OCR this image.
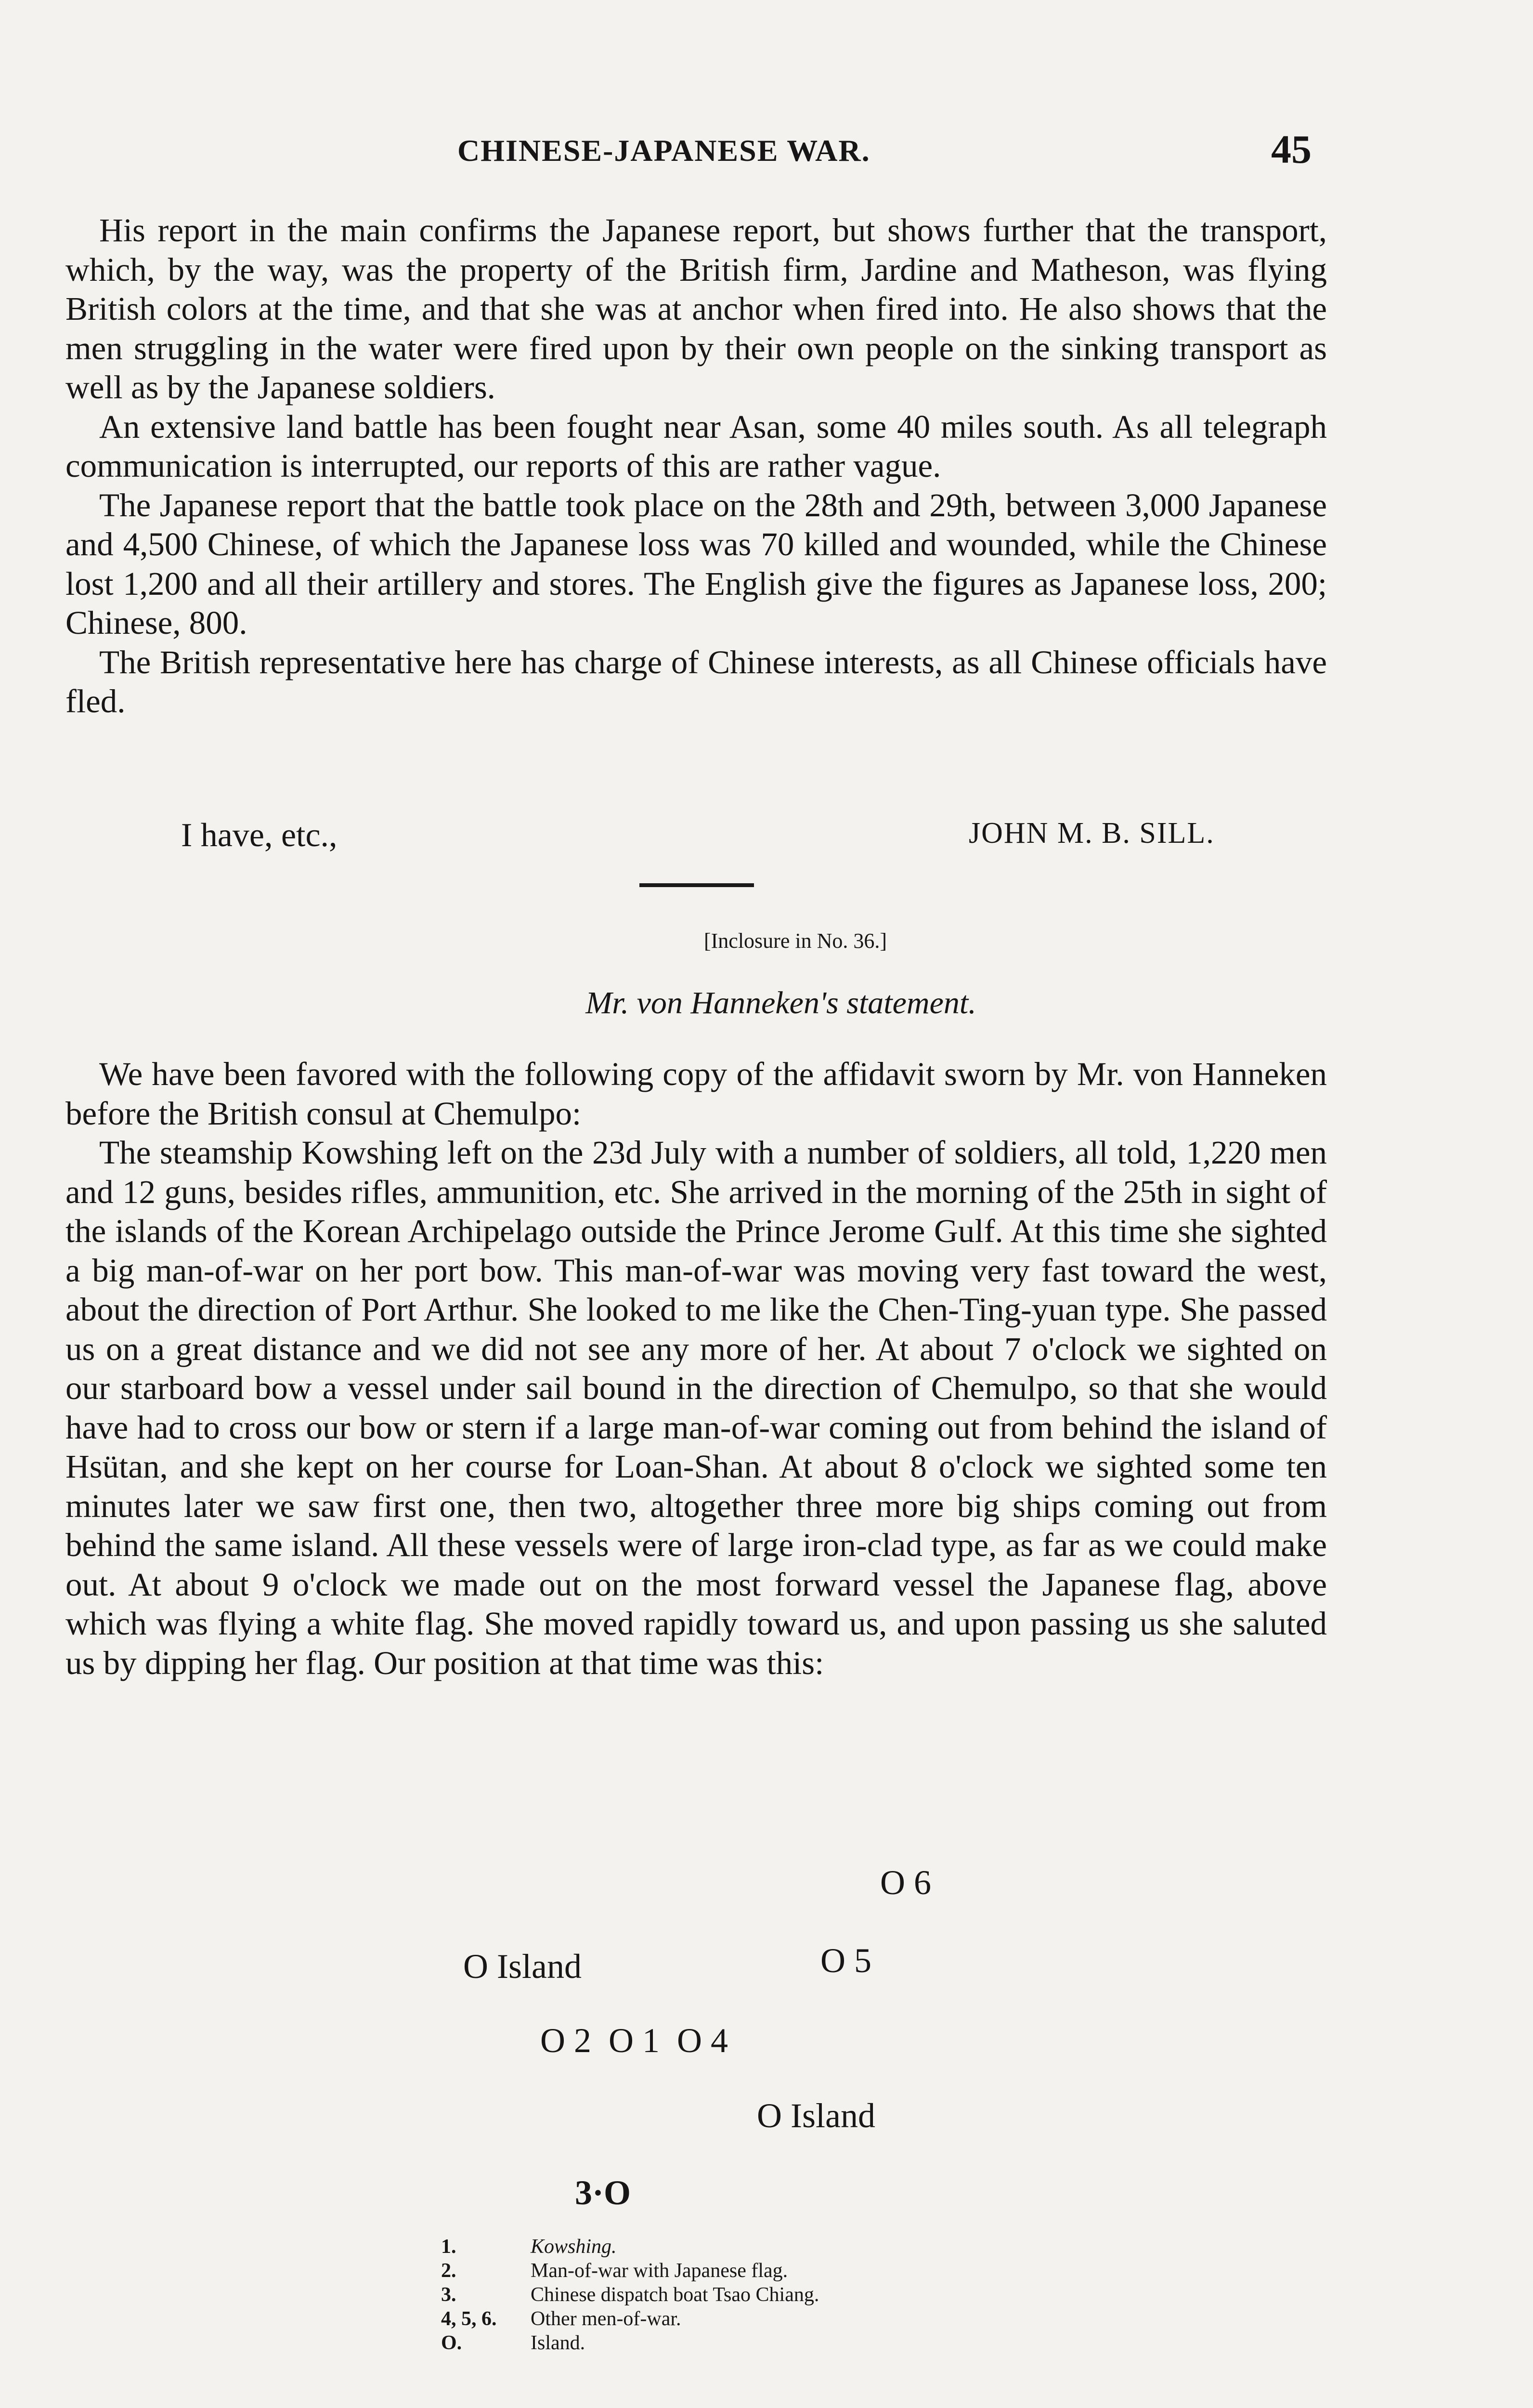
CHINESE-JAPANESE WAR.	45

His report in the main confirms the Japanese report, but shows further that the transport, which, by the way, was the property of the British firm, Jardine and Matheson, was flying British colors at the time, and that she was at anchor when fired into. He also shows that the men struggling in the water were fired upon by their own people on the sinking transport as well as by the Japanese soldiers.

An extensive land battle has been fought near Asan, some 40 miles south. As all telegraph communication is interrupted, our reports of this are rather vague.

The Japanese report that the battle took place on the 28th and 29th, between 3,000 Japanese and 4,500 Chinese, of which the Japanese loss was 70 killed and wounded, while the Chinese lost 1,200 and all their artillery and stores. The English give the figures as Japanese loss, 200; Chinese, 800.

The British representative here has charge of Chinese interests, as all Chinese officials have fled.

I have, etc.,	JOHN M. B. SILL.
[Inclosure in No. 36.]
Mr. von Hanneken's statement.

We have been favored with the following copy of the affidavit sworn by Mr. von Hanneken before the British consul at Chemulpo:

The steamship Kowshing left on the 23d July with a number of soldiers, all told, 1,220 men and 12 guns, besides rifles, ammunition, etc. She arrived in the morning of the 25th in sight of the islands of the Korean Archipelago outside the Prince Jerome Gulf. At this time she sighted a big man-of-war on her port bow. This man-of-war was moving very fast toward the west, about the direction of Port Arthur. She looked to me like the Chen-Ting-yuan type. She passed us on a great distance and we did not see any more of her. At about 7 o'clock we sighted on our starboard bow a vessel under sail bound in the direction of Chemulpo, so that she would have had to cross our bow or stern if a large man-of-war coming out from behind the island of Hsütan, and she kept on her course for Loan-Shan. At about 8 o'clock we sighted some ten minutes later we saw first one, then two, altogether three more big ships coming out from behind the same island. All these vessels were of large iron-clad type, as far as we could make out. At about 9 o'clock we made out on the most forward vessel the Japanese flag, above which was flying a white flag. She moved rapidly toward us, and upon passing us she saluted us by dipping her flag. Our position at that time was this:

O 6
O Island	O 5
O 2  O 1  O 4
O Island
3·O
1.	Kowshing.
2.	Man-of-war with Japanese flag.
3.	Chinese dispatch boat Tsao Chiang.
4, 5, 6.	Other men-of-war.
O.	Island.
